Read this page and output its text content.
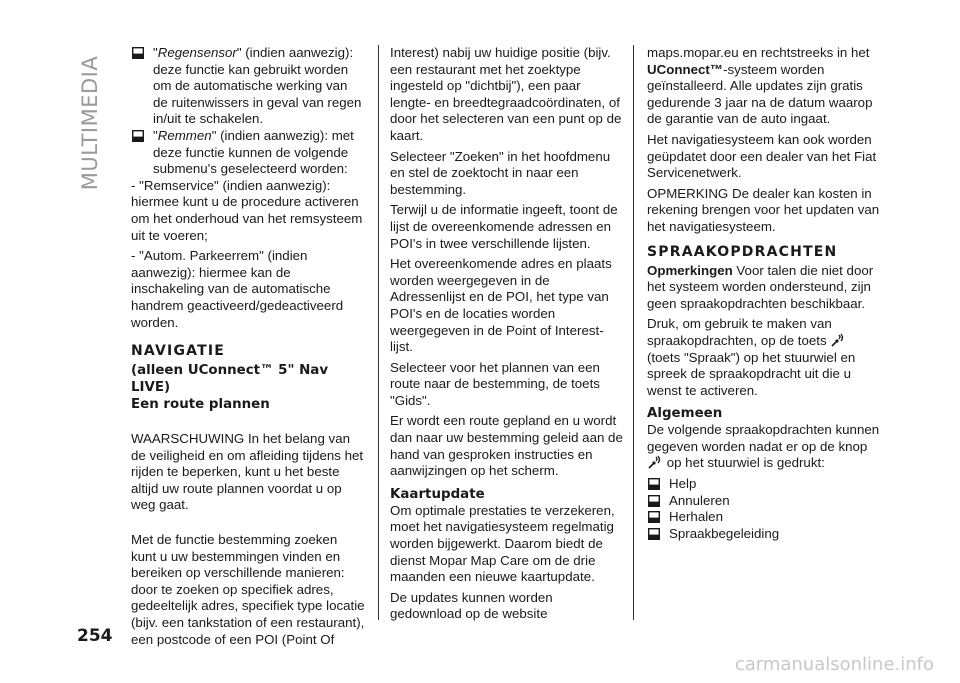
MULTIMEDIA

"Regensensor" (indien aanwezig): deze functie kan gebruikt worden om de automatische werking van de ruitenwissers in geval van regen in/uit te schakelen.

"Remmen" (indien aanwezig): met deze functie kunnen de volgende submenu's geselecteerd worden:

- "Remservice" (indien aanwezig): hiermee kunt u de procedure activeren om het onderhoud van het remsysteem uit te voeren;

- "Autom. Parkeerrem" (indien aanwezig): hiermee kan de inschakeling van de automatische handrem geactiveerd/gedeactiveerd worden.

NAVIGATIE
(alleen UConnect™ 5" Nav LIVE)
Een route plannen

WAARSCHUWING In het belang van de veiligheid en om afleiding tijdens het rijden te beperken, kunt u het beste altijd uw route plannen voordat u op weg gaat.

Met de functie bestemming zoeken kunt u uw bestemmingen vinden en bereiken op verschillende manieren: door te zoeken op specifiek adres, gedeeltelijk adres, specifiek type locatie (bijv. een tankstation of een restaurant), een postcode of een POI (Point Of

Interest) nabij uw huidige positie (bijv. een restaurant met het zoektype ingesteld op "dichtbij"), een paar lengte- en breedtegraadcoördinaten, of door het selecteren van een punt op de kaart.

Selecteer "Zoeken" in het hoofdmenu en stel de zoektocht in naar een bestemming.

Terwijl u de informatie ingeeft, toont de lijst de overeenkomende adressen en POI's in twee verschillende lijsten.

Het overeenkomende adres en plaats worden weergegeven in de Adressenlijst en de POI, het type van POI's en de locaties worden weergegeven in de Point of Interest-lijst.

Selecteer voor het plannen van een route naar de bestemming, de toets "Gids".

Er wordt een route gepland en u wordt dan naar uw bestemming geleid aan de hand van gesproken instructies en aanwijzingen op het scherm.

Kaartupdate

Om optimale prestaties te verzekeren, moet het navigatiesysteem regelmatig worden bijgewerkt. Daarom biedt de dienst Mopar Map Care om de drie maanden een nieuwe kaartupdate.

De updates kunnen worden gedownload op de website

maps.mopar.eu en rechtstreeks in het UConnect™-systeem worden geïnstalleerd. Alle updates zijn gratis gedurende 3 jaar na de datum waarop de garantie van de auto ingaat.

Het navigatiesysteem kan ook worden geüpdatet door een dealer van het Fiat Servicenetwerk.

OPMERKING De dealer kan kosten in rekening brengen voor het updaten van het navigatiesysteem.

SPRAAKOPDRACHTEN

Opmerkingen Voor talen die niet door het systeem worden ondersteund, zijn geen spraakopdrachten beschikbaar.

Druk, om gebruik te maken van spraakopdrachten, op de toets  (toets "Spraak") op het stuurwiel en spreek de spraakopdracht uit die u wenst te activeren.

Algemeen

De volgende spraakopdrachten kunnen gegeven worden nadat er op de knop  op het stuurwiel is gedrukt:

Help

Annuleren

Herhalen

Spraakbegeleiding

254
carmanualsonline.info
